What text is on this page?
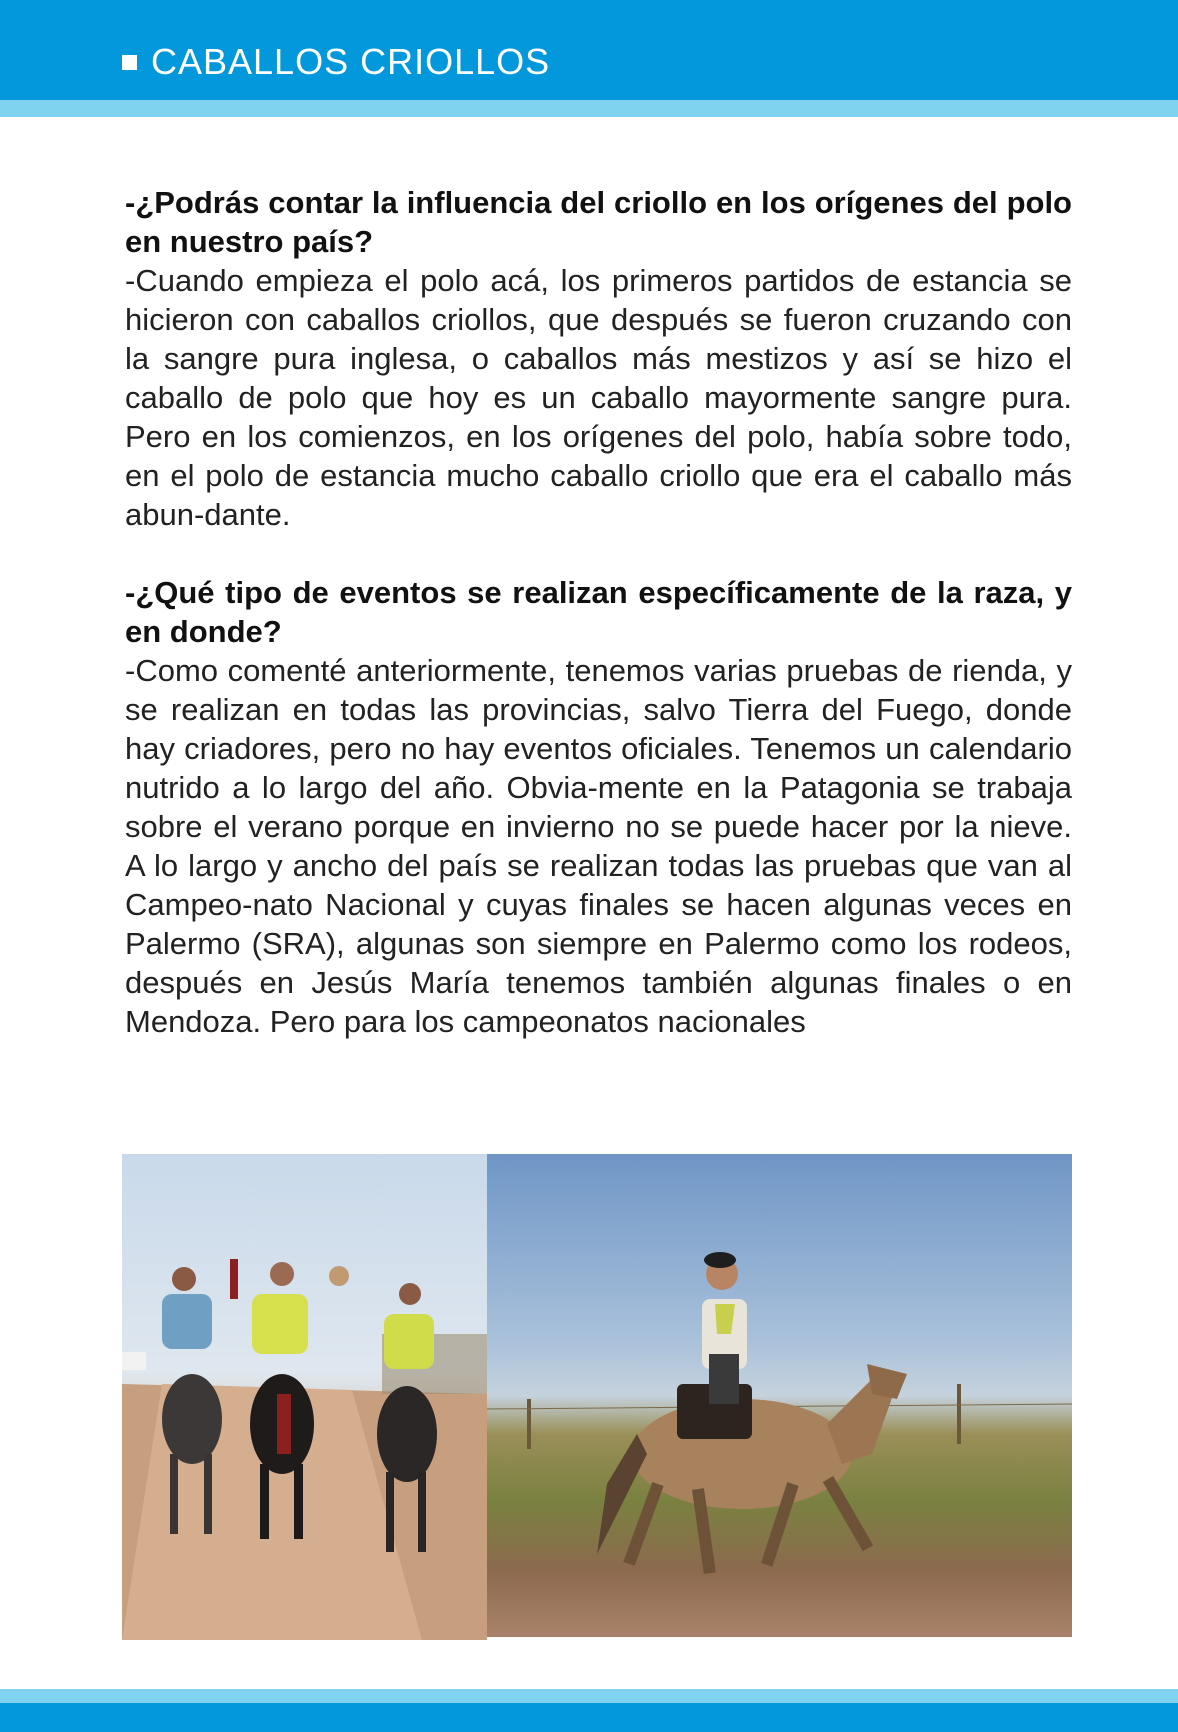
CABALLOS CRIOLLOS

-¿Podrás contar la influencia del criollo en los orígenes del polo en nuestro país?

-Cuando empieza el polo acá, los primeros partidos de estancia se hicieron con caballos criollos, que después se fueron cruzando con la sangre pura inglesa, o caballos más mestizos y así se hizo el caballo de polo que hoy es un caballo mayormente sangre pura. Pero en los comienzos, en los orígenes del polo, había sobre todo, en el polo de estancia mucho caballo criollo que era el caballo más abun-dante.

-¿Qué tipo de eventos se realizan específicamente de la raza, y en donde?

-Como comenté anteriormente, tenemos varias pruebas de rienda, y se realizan en todas las provincias, salvo Tierra del Fuego, donde hay criadores, pero no hay eventos oficiales. Tenemos un calendario nutrido a lo largo del año. Obvia-mente en la Patagonia se trabaja sobre el verano porque en invierno no se puede hacer por la nieve. A lo largo y ancho del país se realizan todas las pruebas que van al Campeo-nato Nacional y cuyas finales se hacen algunas veces en Palermo (SRA), algunas son siempre en Palermo como los rodeos, después en Jesús María tenemos también algunas finales o en Mendoza. Pero para los campeonatos nacionales
